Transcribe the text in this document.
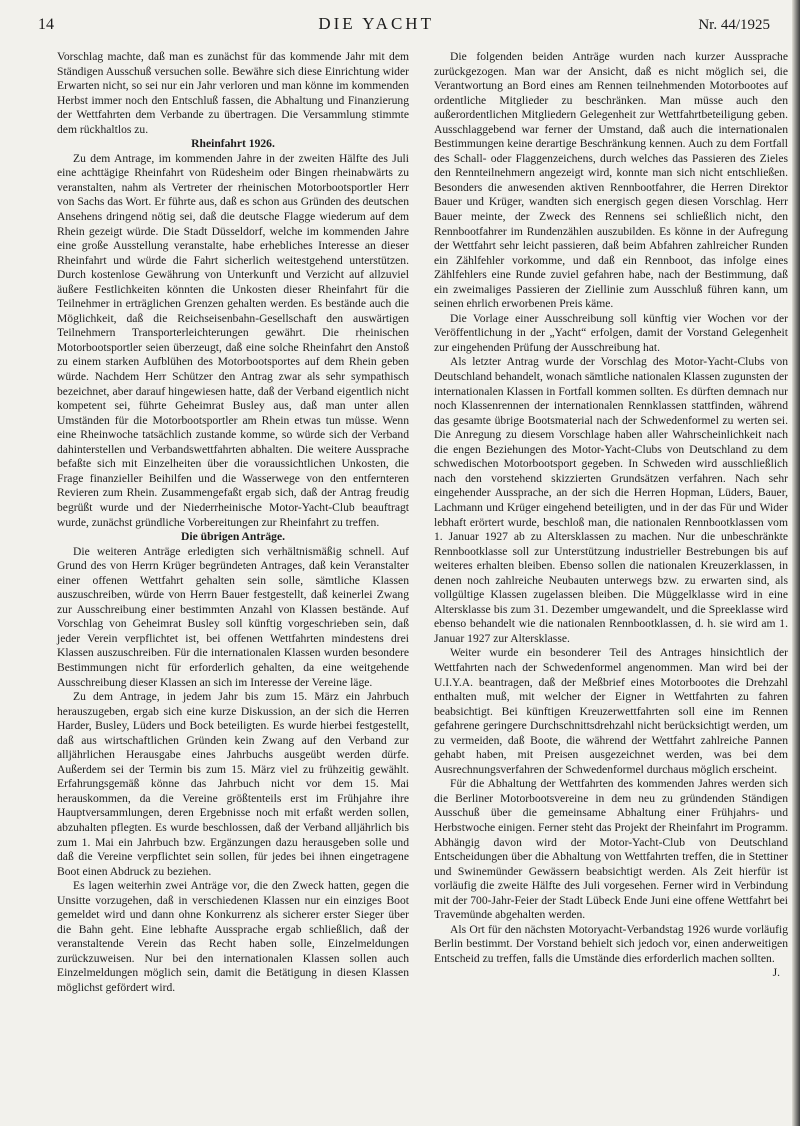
14	DIE YACHT	Nr. 44/1925

Vorschlag machte, daß man es zunächst für das kommende Jahr mit dem Ständigen Ausschuß versuchen solle. Bewähre sich diese Einrichtung wider Erwarten nicht, so sei nur ein Jahr verloren und man könne im kommenden Herbst immer noch den Entschluß fassen, die Abhaltung und Finanzierung der Wettfahrten dem Verbande zu übertragen. Die Versammlung stimmte dem rückhaltlos zu.

Rheinfahrt 1926.

Zu dem Antrage, im kommenden Jahre in der zweiten Hälfte des Juli eine achttägige Rheinfahrt von Rüdesheim oder Bingen rheinabwärts zu veranstalten, nahm als Vertreter der rheinischen Motorbootsportler Herr von Sachs das Wort. Er führte aus, daß es schon aus Gründen des deutschen Ansehens dringend nötig sei, daß die deutsche Flagge wiederum auf dem Rhein gezeigt würde. Die Stadt Düsseldorf, welche im kommenden Jahre eine große Ausstellung veranstalte, habe erhebliches Interesse an dieser Rheinfahrt und würde die Fahrt sicherlich weitestgehend unterstützen. Durch kostenlose Gewährung von Unterkunft und Verzicht auf allzuviel äußere Festlichkeiten könnten die Unkosten dieser Rheinfahrt für die Teilnehmer in erträglichen Grenzen gehalten werden. Es bestände auch die Möglichkeit, daß die Reichseisenbahn-Gesellschaft den auswärtigen Teilnehmern Transporterleichterungen gewährt. Die rheinischen Motorbootsportler seien überzeugt, daß eine solche Rheinfahrt den Anstoß zu einem starken Aufblühen des Motorbootsportes auf dem Rhein geben würde. Nachdem Herr Schützer den Antrag zwar als sehr sympathisch bezeichnet, aber darauf hingewiesen hatte, daß der Verband eigentlich nicht kompetent sei, führte Geheimrat Busley aus, daß man unter allen Umständen für die Motorbootsportler am Rhein etwas tun müsse. Wenn eine Rheinwoche tatsächlich zustande komme, so würde sich der Verband dahinterstellen und Verbandswettfahrten abhalten. Die weitere Aussprache befaßte sich mit Einzelheiten über die voraussichtlichen Unkosten, die Frage finanzieller Beihilfen und die Wasserwege von den entfernteren Revieren zum Rhein. Zusammengefaßt ergab sich, daß der Antrag freudig begrüßt wurde und der Niederrheinische Motor-Yacht-Club beauftragt wurde, zunächst gründliche Vorbereitungen zur Rheinfahrt zu treffen.

Die übrigen Anträge.

Die weiteren Anträge erledigten sich verhältnismäßig schnell. Auf Grund des von Herrn Krüger begründeten Antrages, daß kein Veranstalter einer offenen Wettfahrt gehalten sein solle, sämtliche Klassen auszuschreiben, würde von Herrn Bauer festgestellt, daß keinerlei Zwang zur Ausschreibung einer bestimmten Anzahl von Klassen bestände. Auf Vorschlag von Geheimrat Busley soll künftig vorgeschrieben sein, daß jeder Verein verpflichtet ist, bei offenen Wettfahrten mindestens drei Klassen auszuschreiben. Für die internationalen Klassen wurden besondere Bestimmungen nicht für erforderlich gehalten, da eine weitgehende Ausschreibung dieser Klassen an sich im Interesse der Vereine läge.

Zu dem Antrage, in jedem Jahr bis zum 15. März ein Jahrbuch herauszugeben, ergab sich eine kurze Diskussion, an der sich die Herren Harder, Busley, Lüders und Bock beteiligten. Es wurde hierbei festgestellt, daß aus wirtschaftlichen Gründen kein Zwang auf den Verband zur alljährlichen Herausgabe eines Jahrbuchs ausgeübt werden dürfe. Außerdem sei der Termin bis zum 15. März viel zu frühzeitig gewählt. Erfahrungsgemäß könne das Jahrbuch nicht vor dem 15. Mai herauskommen, da die Vereine größtenteils erst im Frühjahre ihre Hauptversammlungen, deren Ergebnisse noch mit erfaßt werden sollen, abzuhalten pflegten. Es wurde beschlossen, daß der Verband alljährlich bis zum 1. Mai ein Jahrbuch bzw. Ergänzungen dazu herausgeben solle und daß die Vereine verpflichtet sein sollen, für jedes bei ihnen eingetragene Boot einen Abdruck zu beziehen.

Es lagen weiterhin zwei Anträge vor, die den Zweck hatten, gegen die Unsitte vorzugehen, daß in verschiedenen Klassen nur ein einziges Boot gemeldet wird und dann ohne Konkurrenz als sicherer erster Sieger über die Bahn geht. Eine lebhafte Aussprache ergab schließlich, daß der veranstaltende Verein das Recht haben solle, Einzelmeldungen zurückzuweisen. Nur bei den internationalen Klassen sollen auch Einzelmeldungen möglich sein, damit die Betätigung in diesen Klassen möglichst gefördert wird.

Die folgenden beiden Anträge wurden nach kurzer Aussprache zurückgezogen. Man war der Ansicht, daß es nicht möglich sei, die Verantwortung an Bord eines am Rennen teilnehmenden Motorbootes auf ordentliche Mitglieder zu beschränken. Man müsse auch den außerordentlichen Mitgliedern Gelegenheit zur Wettfahrtbeteiligung geben. Ausschlaggebend war ferner der Umstand, daß auch die internationalen Bestimmungen keine derartige Beschränkung kennen. Auch zu dem Fortfall des Schall- oder Flaggenzeichens, durch welches das Passieren des Zieles den Rennteilnehmern angezeigt wird, konnte man sich nicht entschließen. Besonders die anwesenden aktiven Rennbootfahrer, die Herren Direktor Bauer und Krüger, wandten sich energisch gegen diesen Vorschlag. Herr Bauer meinte, der Zweck des Rennens sei schließlich nicht, den Rennbootfahrer im Rundenzählen auszubilden. Es könne in der Aufregung der Wettfahrt sehr leicht passieren, daß beim Abfahren zahlreicher Runden ein Zählfehler vorkomme, und daß ein Rennboot, das infolge eines Zählfehlers eine Runde zuviel gefahren habe, nach der Bestimmung, daß ein zweimaliges Passieren der Ziellinie zum Ausschluß führen kann, um seinen ehrlich erworbenen Preis käme.

Die Vorlage einer Ausschreibung soll künftig vier Wochen vor der Veröffentlichung in der „Yacht“ erfolgen, damit der Vorstand Gelegenheit zur eingehenden Prüfung der Ausschreibung hat.

Als letzter Antrag wurde der Vorschlag des Motor-Yacht-Clubs von Deutschland behandelt, wonach sämtliche nationalen Klassen zugunsten der internationalen Klassen in Fortfall kommen sollten. Es dürften demnach nur noch Klassenrennen der internationalen Rennklassen stattfinden, während das gesamte übrige Bootsmaterial nach der Schwedenformel zu werten sei. Die Anregung zu diesem Vorschlage haben aller Wahrscheinlichkeit nach die engen Beziehungen des Motor-Yacht-Clubs von Deutschland zu dem schwedischen Motorbootsport gegeben. In Schweden wird ausschließlich nach den vorstehend skizzierten Grundsätzen verfahren. Nach sehr eingehender Aussprache, an der sich die Herren Hopman, Lüders, Bauer, Lachmann und Krüger eingehend beteiligten, und in der das Für und Wider lebhaft erörtert wurde, beschloß man, die nationalen Rennbootklassen vom 1. Januar 1927 ab zu Altersklassen zu machen. Nur die unbeschränkte Rennbootklasse soll zur Unterstützung industrieller Bestrebungen bis auf weiteres erhalten bleiben. Ebenso sollen die nationalen Kreuzerklassen, in denen noch zahlreiche Neubauten unterwegs bzw. zu erwarten sind, als vollgültige Klassen zugelassen bleiben. Die Müggelklasse wird in eine Altersklasse bis zum 31. Dezember umgewandelt, und die Spreeklasse wird ebenso behandelt wie die nationalen Rennbootklassen, d. h. sie wird am 1. Januar 1927 zur Altersklasse.

Weiter wurde ein besonderer Teil des Antrages hinsichtlich der Wettfahrten nach der Schwedenformel angenommen. Man wird bei der U.I.Y.A. beantragen, daß der Meßbrief eines Motorbootes die Drehzahl enthalten muß, mit welcher der Eigner in Wettfahrten zu fahren beabsichtigt. Bei künftigen Kreuzerwettfahrten soll eine im Rennen gefahrene geringere Durchschnittsdrehzahl nicht berücksichtigt werden, um zu vermeiden, daß Boote, die während der Wettfahrt zahlreiche Pannen gehabt haben, mit Preisen ausgezeichnet werden, was bei dem Ausrechnungsverfahren der Schwedenformel durchaus möglich erscheint.

Für die Abhaltung der Wettfahrten des kommenden Jahres werden sich die Berliner Motorbootsvereine in dem neu zu gründenden Ständigen Ausschuß über die gemeinsame Abhaltung einer Frühjahrs- und Herbstwoche einigen. Ferner steht das Projekt der Rheinfahrt im Programm. Abhängig davon wird der Motor-Yacht-Club von Deutschland Entscheidungen über die Abhaltung von Wettfahrten treffen, die in Stettiner und Swinemünder Gewässern beabsichtigt werden. Als Zeit hierfür ist vorläufig die zweite Hälfte des Juli vorgesehen. Ferner wird in Verbindung mit der 700-Jahr-Feier der Stadt Lübeck Ende Juni eine offene Wettfahrt bei Travemünde abgehalten werden.

Als Ort für den nächsten Motoryacht-Verbandstag 1926 wurde vorläufig Berlin bestimmt. Der Vorstand behielt sich jedoch vor, einen anderweitigen Entscheid zu treffen, falls die Umstände dies erforderlich machen sollten.

J.
